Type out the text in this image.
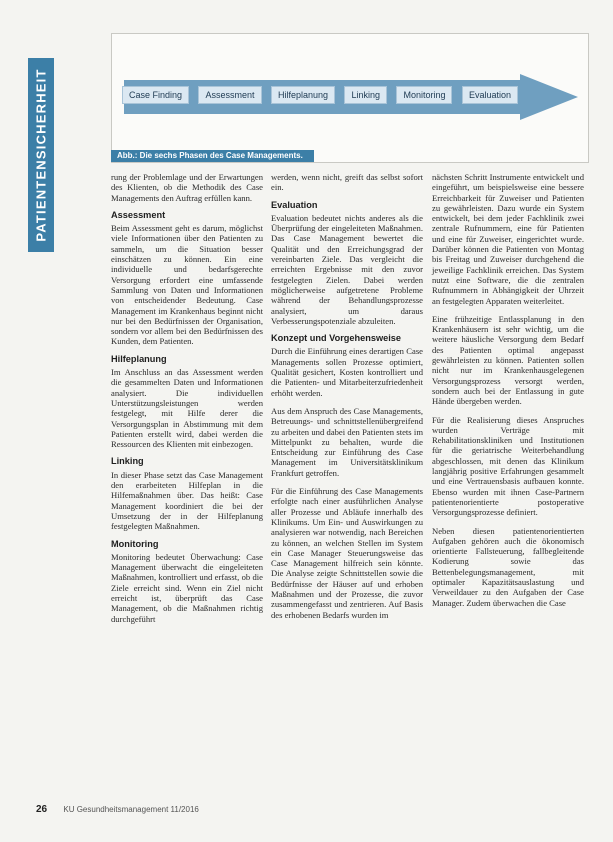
PATIENTENSICHERHEIT	Case Finding	Assessment	Hilfeplanung	Linking	Monitoring	Evaluation
Abb.: Die sechs Phasen des Case Managements.

rung der Problemlage und der Erwartungen des Klienten, ob die Methodik des Case Managements den Auftrag erfüllen kann.

Assessment

Beim Assessment geht es darum, möglichst viele Informationen über den Patienten zu sammeln, um die Situation besser einschätzen zu können. Ein eine individuelle und bedarfsgerechte Versorgung erfordert eine umfassende Sammlung von Daten und Informationen von entscheidender Bedeutung. Case Management im Krankenhaus beginnt nicht nur bei den Bedürfnissen der Organisation, sondern vor allem bei den Bedürfnissen des Kunden, dem Patienten.

Hilfeplanung

Im Anschluss an das Assessment werden die gesammelten Daten und Informationen analysiert. Die individuellen Unterstützungsleistungen werden festgelegt, mit Hilfe derer die Versorgungsplan in Abstimmung mit dem Patienten erstellt wird, dabei werden die Ressourcen des Klienten mit einbezogen.

Linking

In dieser Phase setzt das Case Management den erarbeiteten Hilfeplan in die Hilfemaßnahmen über. Das heißt: Case Management koordiniert die bei der Umsetzung der in der Hilfeplanung festgelegten Maßnahmen.

Monitoring

Monitoring bedeutet Überwachung: Case Management überwacht die eingeleiteten Maßnahmen, kontrolliert und erfasst, ob die Ziele erreicht sind. Wenn ein Ziel nicht erreicht ist, überprüft das Case Management, ob die Maßnahmen richtig durchgeführt

werden, wenn nicht, greift das selbst sofort ein.

Evaluation

Evaluation bedeutet nichts anderes als die Überprüfung der eingeleiteten Maßnahmen. Das Case Management bewertet die Qualität und den Erreichungsgrad der vereinbarten Ziele. Das vergleicht die erreichten Ergebnisse mit den zuvor festgelegten Zielen. Dabei werden möglicherweise aufgetretene Probleme während der Behandlungsprozesse analysiert, um daraus Verbesserungspotenziale abzuleiten.

Konzept und Vorgehensweise

Durch die Einführung eines derartigen Case Managements sollen Prozesse optimiert, Qualität gesichert, Kosten kontrolliert und die Patienten- und Mitarbeiterzufriedenheit erhöht werden.

Aus dem Anspruch des Case Managements, Betreuungs- und schnittstellenübergreifend zu arbeiten und dabei den Patienten stets im Mittelpunkt zu behalten, wurde die Entscheidung zur Einführung des Case Management im Universitätsklinikum Frankfurt getroffen.

Für die Einführung des Case Managements erfolgte nach einer ausführlichen Analyse aller Prozesse und Abläufe innerhalb des Klinikums. Um Ein- und Auswirkungen zu analysieren war notwendig, nach Bereichen zu können, an welchen Stellen im System ein Case Manager Steuerungsweise das Case Management hilfreich sein könnte. Die Analyse zeigte Schnittstellen sowie die Bedürfnisse der Häuser auf und erhoben Maßnahmen und der Prozesse, die zuvor zusammengefasst und zentrieren. Auf Basis des erhobenen Bedarfs wurden im

nächsten Schritt Instrumente entwickelt und eingeführt, um beispielsweise eine bessere Erreichbarkeit für Zuweiser und Patienten zu gewährleisten. Dazu wurde ein System entwickelt, bei dem jeder Fachklinik zwei zentrale Rufnummern, eine für Patienten und eine für Zuweiser, eingerichtet wurde. Darüber können die Patienten von Montag bis Freitag und Zuweiser durchgehend die jeweilige Fachklinik erreichen. Das System nutzt eine Software, die die zentralen Rufnummern in Abhängigkeit der Uhrzeit an festgelegten Apparaten weiterleitet.

Eine frühzeitige Entlassplanung in den Krankenhäusern ist sehr wichtig, um die weitere häusliche Versorgung dem Bedarf des Patienten optimal angepasst gewährleisten zu können. Patienten sollen nicht nur im Krankenhausgelegenen Versorgungsprozess versorgt werden, sondern auch bei der Entlassung in gute Hände übergeben werden.

Für die Realisierung dieses Anspruches wurden Verträge mit Rehabilitationskliniken und Institutionen für die geriatrische Weiterbehandlung abgeschlossen, mit denen das Klinikum langjährig positive Erfahrungen gesammelt und eine Vertrauensbasis aufbauen konnte. Ebenso wurden mit ihnen Case-Partnern patientenorientierte postoperative Versorgungsprozesse definiert.

Neben diesen patientenorientierten Aufgaben gehören auch die ökonomisch orientierte Fallsteuerung, fallbegleitende Kodierung sowie das Bettenbelegungsmanagement, mit optimaler Kapazitätsauslastung und Verweildauer zu den Aufgaben der Case Manager. Zudem überwachen die Case

26 KU Gesundheitsmanagement 11/2016
